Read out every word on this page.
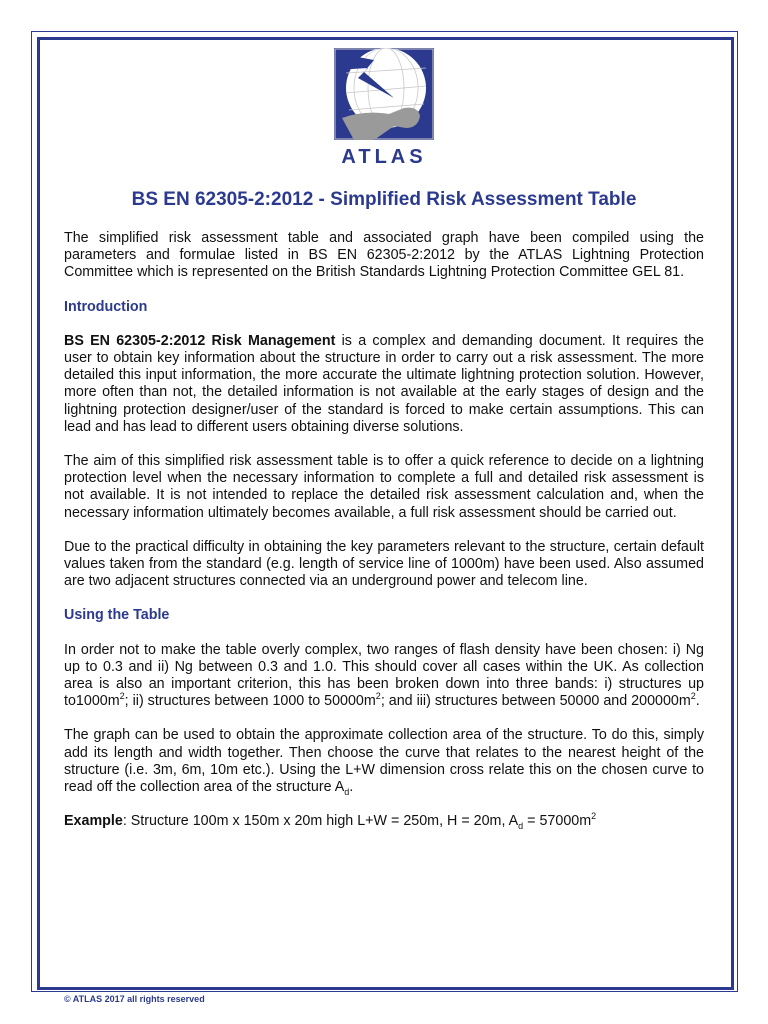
ATLAS
BS EN 62305-2:2012 - Simplified Risk Assessment Table

The simplified risk assessment table and associated graph have been compiled using the parameters and formulae listed in BS EN 62305-2:2012 by the ATLAS Lightning Protection Committee which is represented on the British Standards Lightning Protection Committee GEL 81.

Introduction

BS EN 62305-2:2012 Risk Management is a complex and demanding document. It requires the user to obtain key information about the structure in order to carry out a risk assessment. The more detailed this input information, the more accurate the ultimate lightning protection solution. However, more often than not, the detailed information is not available at the early stages of design and the lightning protection designer/user of the standard is forced to make certain assumptions. This can lead and has lead to different users obtaining diverse solutions.

The aim of this simplified risk assessment table is to offer a quick reference to decide on a lightning protection level when the necessary information to complete a full and detailed risk assessment is not available. It is not intended to replace the detailed risk assessment calculation and, when the necessary information ultimately becomes available, a full risk assessment should be carried out.

Due to the practical difficulty in obtaining the key parameters relevant to the structure, certain default values taken from the standard (e.g. length of service line of 1000m) have been used. Also assumed are two adjacent structures connected via an underground power and telecom line.

Using the Table

In order not to make the table overly complex, two ranges of flash density have been chosen: i) Ng up to 0.3 and ii) Ng between 0.3 and 1.0. This should cover all cases within the UK. As collection area is also an important criterion, this has been broken down into three bands: i) structures up $to1000m^2$; ii) structures between 1000 to $50000m^2$; and iii) structures between 50000 and $200000m^2$.

The graph can be used to obtain the approximate collection area of the structure. To do this, simply add its length and width together. Then choose the curve that relates to the nearest height of the structure (i.e. 3m, 6m, 10m etc.). Using the L+W dimension cross relate this on the chosen curve to read off the collection area of the structure $A_d$.

Example: Structure 100m x 150m x 20m high L+W = 250m, H = 20m, $A_d = 57000m^2$

© ATLAS 2017 all rights reserved
